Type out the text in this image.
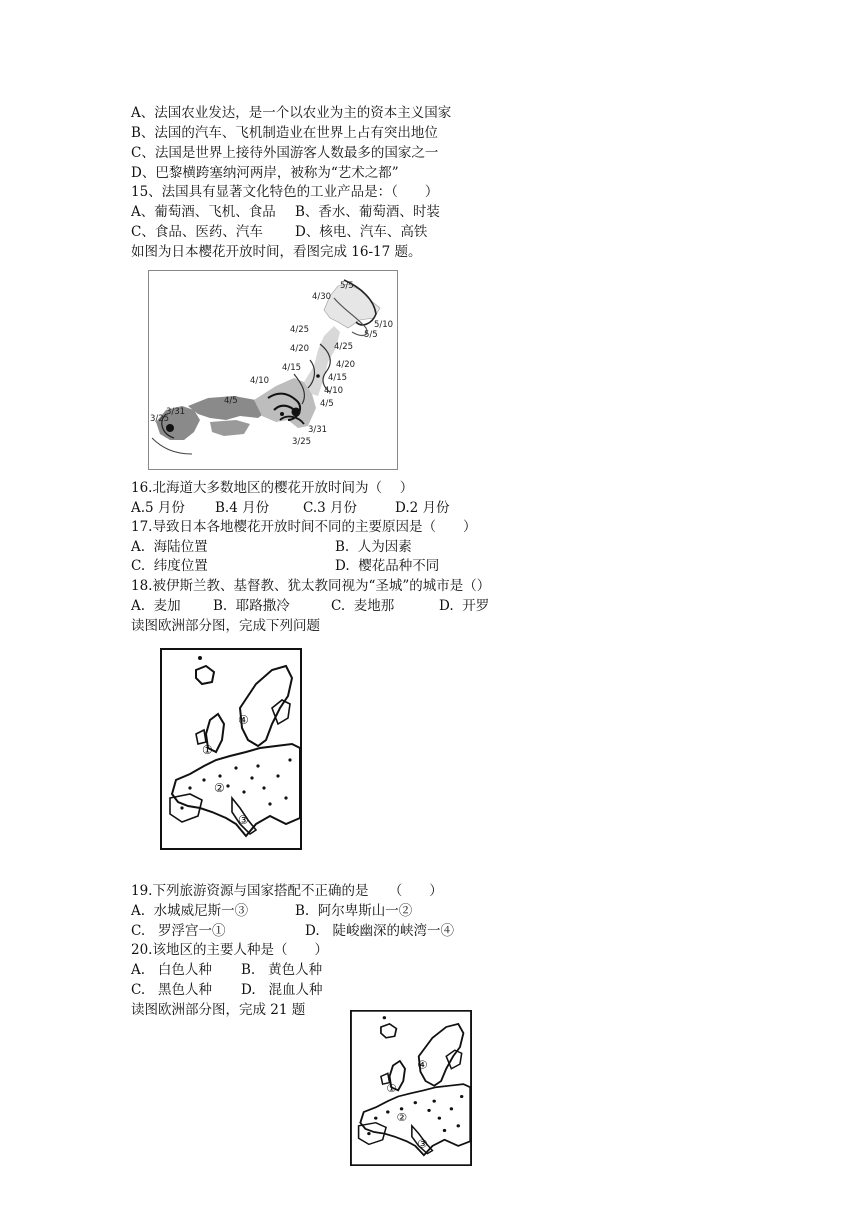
A、法国农业发达，是一个以农业为主的资本主义国家
B、法国的汽车、飞机制造业在世界上占有突出地位
C、法国是世界上接待外国游客人数最多的国家之一
D、巴黎横跨塞纳河两岸，被称为“艺术之都”
15、法国具有显著文化特色的工业产品是：（　　）
A、葡萄酒、飞机、食品	B、香水、葡萄酒、时装
C、食品、医药、汽车	D、核电、汽车、高铁
如图为日本樱花开放时间，看图完成 16-17 题。
5/5
4/30
5/10
5/5
4/25
4/25
4/20
4/20
4/15
4/15
4/10
4/10
4/5	4/5
3/31
3/31
3/25
3/25
16.北海道大多数地区的樱花开放时间为（　 ）
A.5 月份	B.4 月份	C.3 月份	D.2 月份
17.导致日本各地樱花开放时间不同的主要原因是（　　）
A.  海陆位置	B.  人为因素
C.  纬度位置	D.  樱花品种不同
18.被伊斯兰教、基督教、犹太教同视为“圣城”的城市是（）
A.  麦加	B.  耶路撒冷	C.  麦地那	D.  开罗
读图欧洲部分图，完成下列问题
④
①
②
③
19.下列旅游资源与国家搭配不正确的是　　（　　）
A.  水城威尼斯一③	B.  阿尔卑斯山一②
C.   罗浮宫一①	D.   陡峻幽深的峡湾一④
20.该地区的主要人种是（　　）
A.   白色人种	B.   黄色人种
C.   黑色人种	D.   混血人种
读图欧洲部分图，完成 21 题
④
①
②
③
